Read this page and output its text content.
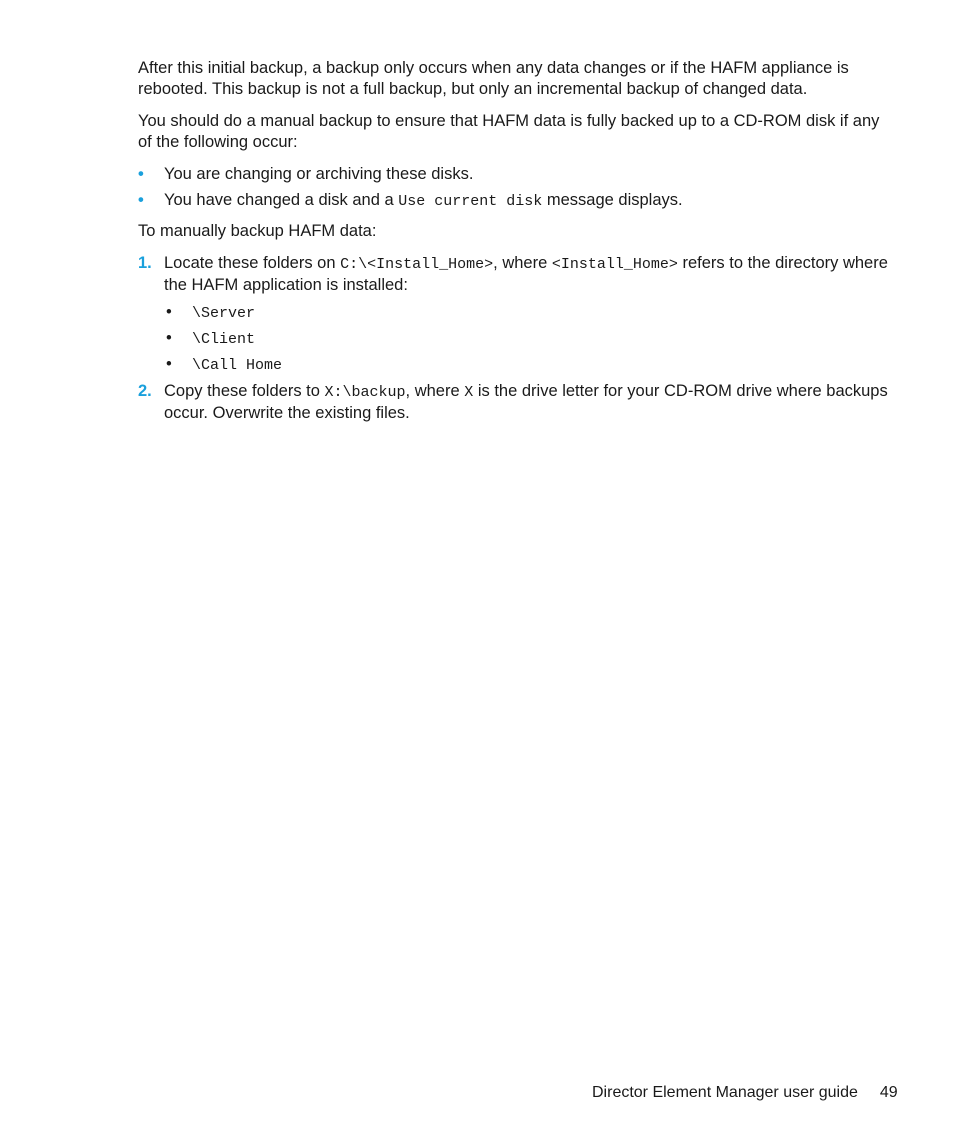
After this initial backup, a backup only occurs when any data changes or if the HAFM appliance is rebooted. This backup is not a full backup, but only an incremental backup of changed data.

You should do a manual backup to ensure that HAFM data is fully backed up to a CD-ROM disk if any of the following occur:

• You are changing or archiving these disks.
• You have changed a disk and a Use current disk message displays.

To manually backup HAFM data:

1. Locate these folders on C:\<Install_Home>, where <Install_Home> refers to the directory where the HAFM application is installed:
• \Server
• \Client
• \Call Home
2. Copy these folders to X:\backup, where X is the drive letter for your CD-ROM drive where backups occur. Overwrite the existing files.
Director Element Manager user guide 49
